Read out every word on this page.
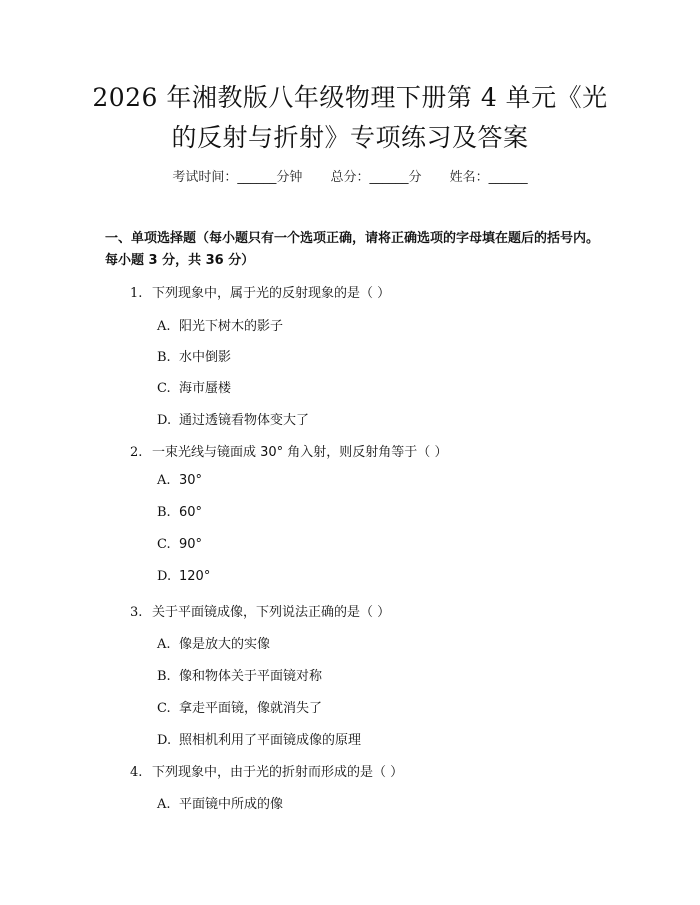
2026 年湘教版八年级物理下册第 4 单元《光
的反射与折射》专项练习及答案
考试时间：______分钟 总分：______分 姓名：______
一、单项选择题（每小题只有一个选项正确，请将正确选项的字母填在题后的括号内。每小题 3 分，共 36 分）
1. 下列现象中，属于光的反射现象的是（ ）
A. 阳光下树木的影子
B. 水中倒影
C. 海市蜃楼
D. 通过透镜看物体变大了
2. 一束光线与镜面成 30° 角入射，则反射角等于（ ）
A. 30°
B. 60°
C. 90°
D. 120°
3. 关于平面镜成像，下列说法正确的是（ ）
A. 像是放大的实像
B. 像和物体关于平面镜对称
C. 拿走平面镜，像就消失了
D. 照相机利用了平面镜成像的原理
4. 下列现象中，由于光的折射而形成的是（ ）
A. 平面镜中所成的像
